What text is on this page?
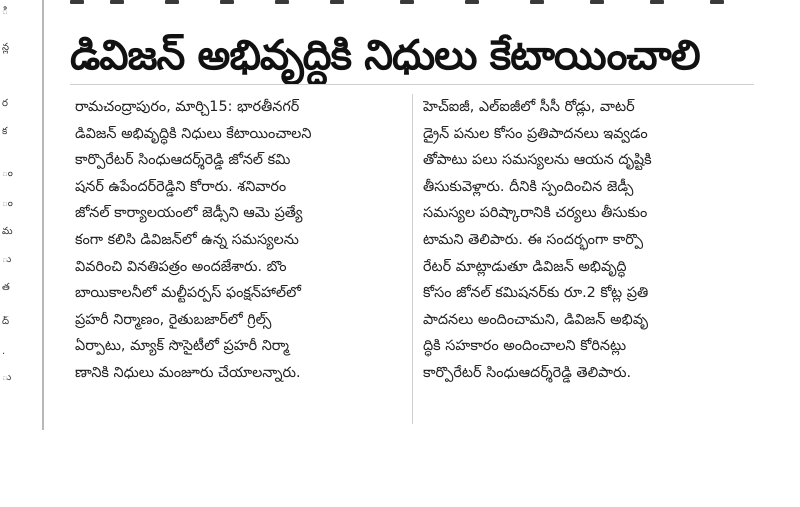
ి
న్ల
ర
క
ం
ం
మ
ు
త
ద్
.
ు
డివిజన్ అభివృద్ధికి నిధులు కేటాయించాలి
రామచంద్రాపురం, మార్చి15: భారతీనగర్
డివిజన్ అభివృద్ధికి నిధులు కేటాయించాలని
కార్పొరేటర్ సింధుఆదర్శ్‌రెడ్డి జోనల్ కమి
షనర్ ఉపేందర్‌రెడ్డిని కోరారు. శనివారం
జోనల్ కార్యాలయంలో జెడ్సీని ఆమె ప్రత్యే
కంగా కలిసి డివిజన్‌లో ఉన్న సమస్యలను
వివరించి వినతిపత్రం అందజేశారు. బొం
బాయికాలనీలో మల్టీపర్పస్ ఫంక్షన్‌హాల్‌లో
ప్రహరీ నిర్మాణం, రైతుబజార్‌లో గ్రిల్స్
ఏర్పాటు, మ్యాక్ సొసైటీలో ప్రహరీ నిర్మా
ణానికి నిధులు మంజూరు చేయాలన్నారు.
హెచ్ఐజీ, ఎల్ఐజీలో సీసీ రోడ్లు, వాటర్
డ్రైన్ పనుల కోసం ప్రతిపాదనలు ఇవ్వడం
తోపాటు పలు సమస్యలను ఆయన దృష్టికి
తీసుకువెళ్లారు. దీనికి స్పందించిన జెడ్సీ
సమస్యల పరిష్కారానికి చర్యలు తీసుకుం
టామని తెలిపారు. ఈ సందర్భంగా కార్పొ
రేటర్ మాట్లాడుతూ డివిజన్ అభివృద్ధి
కోసం జోనల్ కమిషనర్‌కు రూ.2 కోట్ల ప్రతి
పాదనలు అందించామని, డివిజన్ అభివృ
ద్ధికి సహకారం అందించాలని కోరినట్లు
కార్పొరేటర్ సింధుఆదర్శ్‌రెడ్డి తెలిపారు.
